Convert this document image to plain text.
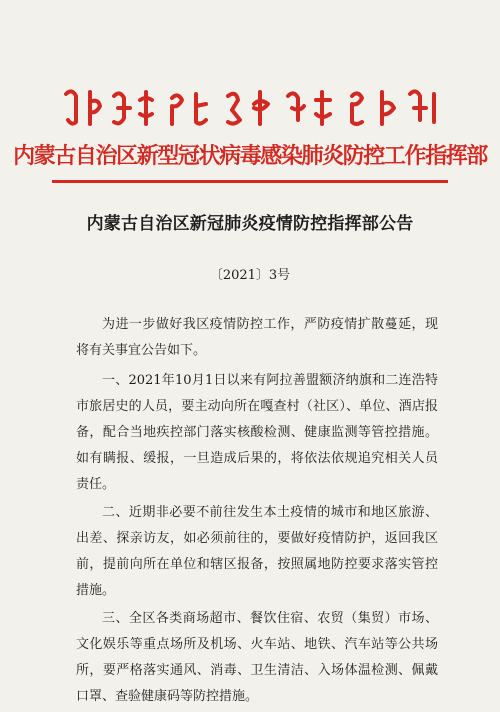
内蒙古自治区新型冠状病毒感染肺炎防控工作指挥部
内蒙古自治区新冠肺炎疫情防控指挥部公告
〔2021〕3号

为进一步做好我区疫情防控工作，严防疫情扩散蔓延，现将有关事宜公告如下。

一、2021年10月1日以来有阿拉善盟额济纳旗和二连浩特市旅居史的人员，要主动向所在嘎查村（社区）、单位、酒店报备，配合当地疾控部门落实核酸检测、健康监测等管控措施。如有瞒报、缓报，一旦造成后果的，将依法依规追究相关人员责任。

二、近期非必要不前往发生本土疫情的城市和地区旅游、出差、探亲访友，如必须前往的，要做好疫情防护，返回我区前，提前向所在单位和辖区报备，按照属地防控要求落实管控措施。

三、全区各类商场超市、餐饮住宿、农贸（集贸）市场、文化娱乐等重点场所及机场、火车站、地铁、汽车站等公共场所，要严格落实通风、消毒、卫生清洁、入场体温检测、佩戴口罩、查验健康码等防控措施。
